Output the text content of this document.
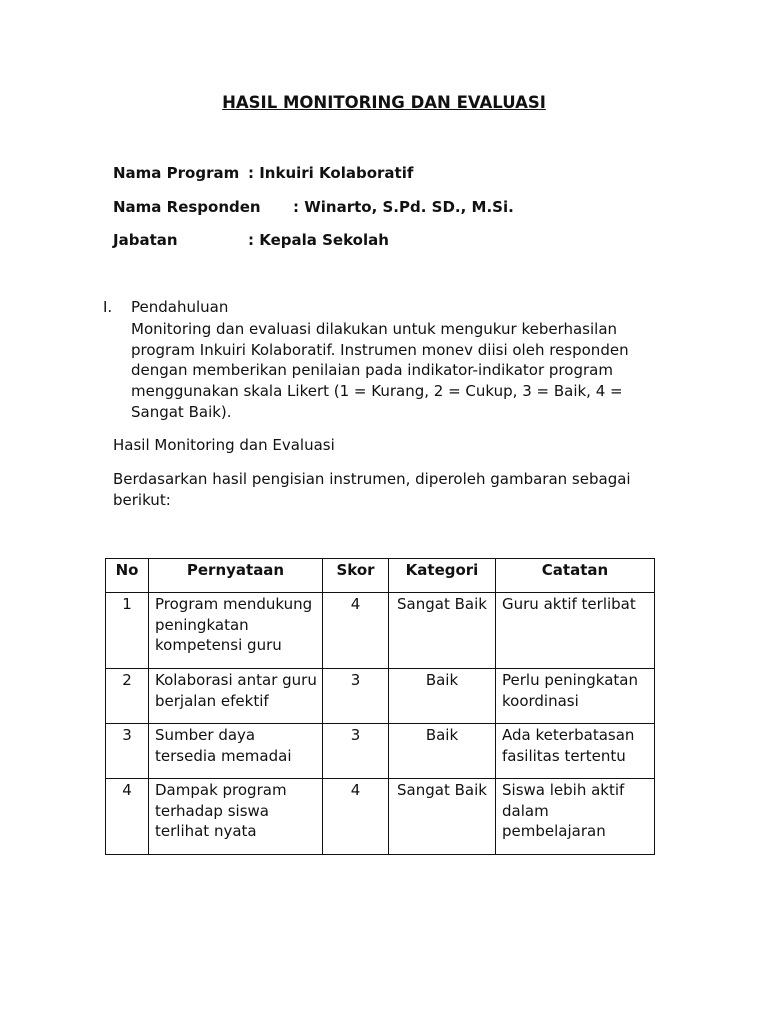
HASIL MONITORING DAN EVALUASI
Nama Program : Inkuiri Kolaboratif
Nama Responden : Winarto, S.Pd. SD., M.Si.
Jabatan	: Kepala Sekolah
I. Pendahuluan
Monitoring dan evaluasi dilakukan untuk mengukur keberhasilan program Inkuiri Kolaboratif. Instrumen monev diisi oleh responden dengan memberikan penilaian pada indikator-indikator program menggunakan skala Likert (1 = Kurang, 2 = Cukup, 3 = Baik, 4 = Sangat Baik).
Hasil Monitoring dan Evaluasi
Berdasarkan hasil pengisian instrumen, diperoleh gambaran sebagai berikut:
No	Pernyataan	Skor	Kategori	Catatan
1	Program mendukung peningkatan kompetensi guru	4	Sangat Baik	Guru aktif terlibat
2	Kolaborasi antar guru berjalan efektif	3	Baik	Perlu peningkatan koordinasi
3	Sumber daya tersedia memadai	3	Baik	Ada keterbatasan fasilitas tertentu
4	Dampak program terhadap siswa terlihat nyata	4	Sangat Baik	Siswa lebih aktif dalam pembelajaran
